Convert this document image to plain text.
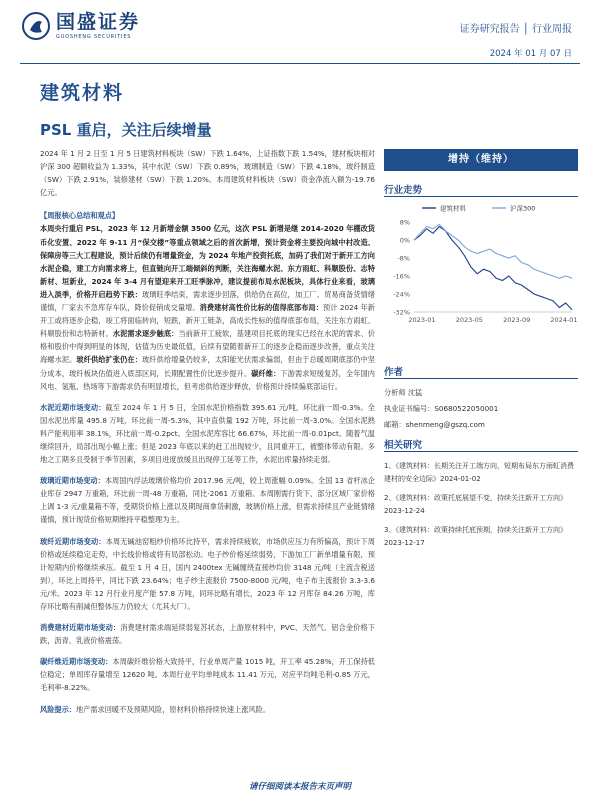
国盛证券
GUOSHENG SECURITIES
证券研究报告 │ 行业周报
2024 年 01 月 07 日
建筑材料
PSL 重启，关注后续增量

2024 年 1 月 2 日至 1 月 5 日建筑材料板块（SW）下跌 1.64%，上证指数下跌 1.54%，建材板块相对沪深 300 超额收益为 1.33%，其中水泥（SW）下跌 0.89%，玻璃制造（SW）下跌 4.18%，玻纤制造（SW）下跌 2.91%，装修建材（SW）下跌 1.20%。本周建筑材料板块（SW）资金净流入额为-19.76 亿元。

【周报核心总结和观点】
本周央行重启 PSL，2023 年 12 月新增金额 3500 亿元，这次 PSL 新增是继 2014-2020 年棚改货币化安置、2022 年 9-11 月“保交楼”等重点领域之后的首次新增，预计资金将主要投向城中村改造、保障房等三大工程建设，预计后续仍有增量资金，为 2024 年地产投资托底，加码了我们对于新开工方向水泥企稳，建工方向需求将上，但直链向开工端倾斜的判断，关注海螺水泥、东方雨虹、科顺股份、志特新材、垣新业，2024 年 3-4 月有望迎来开工旺季脉冲，建议提前布局水泥板块，具体行业来看，玻璃进入淡季，价格开启趋势下跌：玻璃旺季结束，需求逐步回落，供给仍在高位，加工厂、贸易商备货情绪谨慎，厂家去不急库存车队，降价促销成交量增。消费建材高性价比标的值得底部布局：预计 2024 年新开工或将逐步企稳，竣工将面临转向，短跌，新开工链条，高成长性标的值得底部布局，关注东方雨虹、科顺股份和志特新材。水泥需求逐步触底：当前新开工疲软，基建项目托底的现实已经在水泥的需求、价格和股价中得到明显的体现，估值为历史最低值，后续有望随着新开工的逐步企稳而逐步改善，重点关注海螺水泥。玻纤供给扩张仍在：玻纤供给增量仍较多，太阳能光伏需求偏弱，但由于总暖周期底部仍中坚分成本，玻纤板块估值进入底部区间，长期配置性价比逐步提升。碳纤维：下游需求短缓复苏，全年国内风电、氢瓶、热场等下游需求仍有明显增长，但考虑供给逐步释放，价格预计持续偏底部运行。

水泥近期市场变动：截至 2024 年 1 月 5 日，全国水泥价格指数 395.61 元/吨，环比前一周-0.3%。全国水泥出库量 495.8 万吨，环比前一周-5.3%，其中直供量 192 万吨，环比前一周-3.0%。全国水泥熟料产能利用率 38.1%，环比前一周-0.2pct。全国水泥库容比 66.67%，环比前一周-0.01pct。随着气温继续回升，局部出现小幅上涨；但是 2023 年底以来的赶工出现较少，且同重开工，被整体带动有限。多地之工期多且受制于季节因素，多项目进度放缓且出现停工延等工作，水泥出库量持续走弱。

玻璃近期市场变动：本周国内浮法玻璃价格均价 2017.96 元/吨，较上周涨幅 0.09%。全国 13 省杆冰企业库存 2947 万重箱，环比前一周-48 万重箱，同比-2061 万重箱。本周刚需行货下，部分区域厂家价格上调 1-3 元/重量箱不等，受期货价格上涨以及期现商拿货刺激，玻璃价格上涨，但需求持续且产业链情绪谨慎，预计现货价格短期维持平稳整理为主。

玻纤近期市场变动：本周无碱池窑粗纱价格环比持平，需求持续疲软，市场供应压力有所偏高，预计下周价格或延续稳定走势，中长线价格或将有局部松动。电子纱价格延续弱势，下游加工厂新单增量有限，预计短期内价格继续承压。截至 1 月 4 日，国内 2400tex 无碱缠绕直接纱均价 3148 元/吨（主流含税送到），环比上周持平，同比下跌 23.64%；电子纱主流报价 7500-8000 元/吨，电子布主流报价 3.3-3.6 元/米。2023 年 12 月行业月度产能 57.8 万吨，同环比略有增长，2023 年 12 月库存 84.26 万吨，库存环比略有削减但整体压力仍较大（尤其大厂）。

消费建材近期市场变动：消费建材需求端延续弱复苏状态，上游原材料中，PVC、天然气、铝合金价格下跌，沥青、乳液价格震荡。

碳纤维近期市场变动：本周碳纤维价格大致持平，行业单周产量 1015 吨，开工率 45.28%，开工保持低位稳定；单周库存量增至 12620 吨。本周行业平均单吨成本 11.41 万元，对应平均吨毛利-0.85 万元，毛利率-8.22%。

风险提示：地产需求回暖不及预期风险，原材料价格持续快速上涨风险。

增持（维持）
行业走势
8%
0%
-8%
-16%
-24%
-32%
2023-01	2023-05	2023-09	2024-01
建筑材料	沪深300
作者
分析师 沈猛
执业证书编号：S0680522050001
邮箱：shenmeng@gszq.com
相关研究
1、《建筑材料：长期关注开工端方向，短期布局东方雨虹消费建材的安全边际》2024-01-02
2、《建筑材料：政策托底展望不变，持续关注新开工方向》2023-12-24
3、《建筑材料：政策持续托底预期，持续关注新开工方向》2023-12-17
请仔细阅读本报告末页声明
